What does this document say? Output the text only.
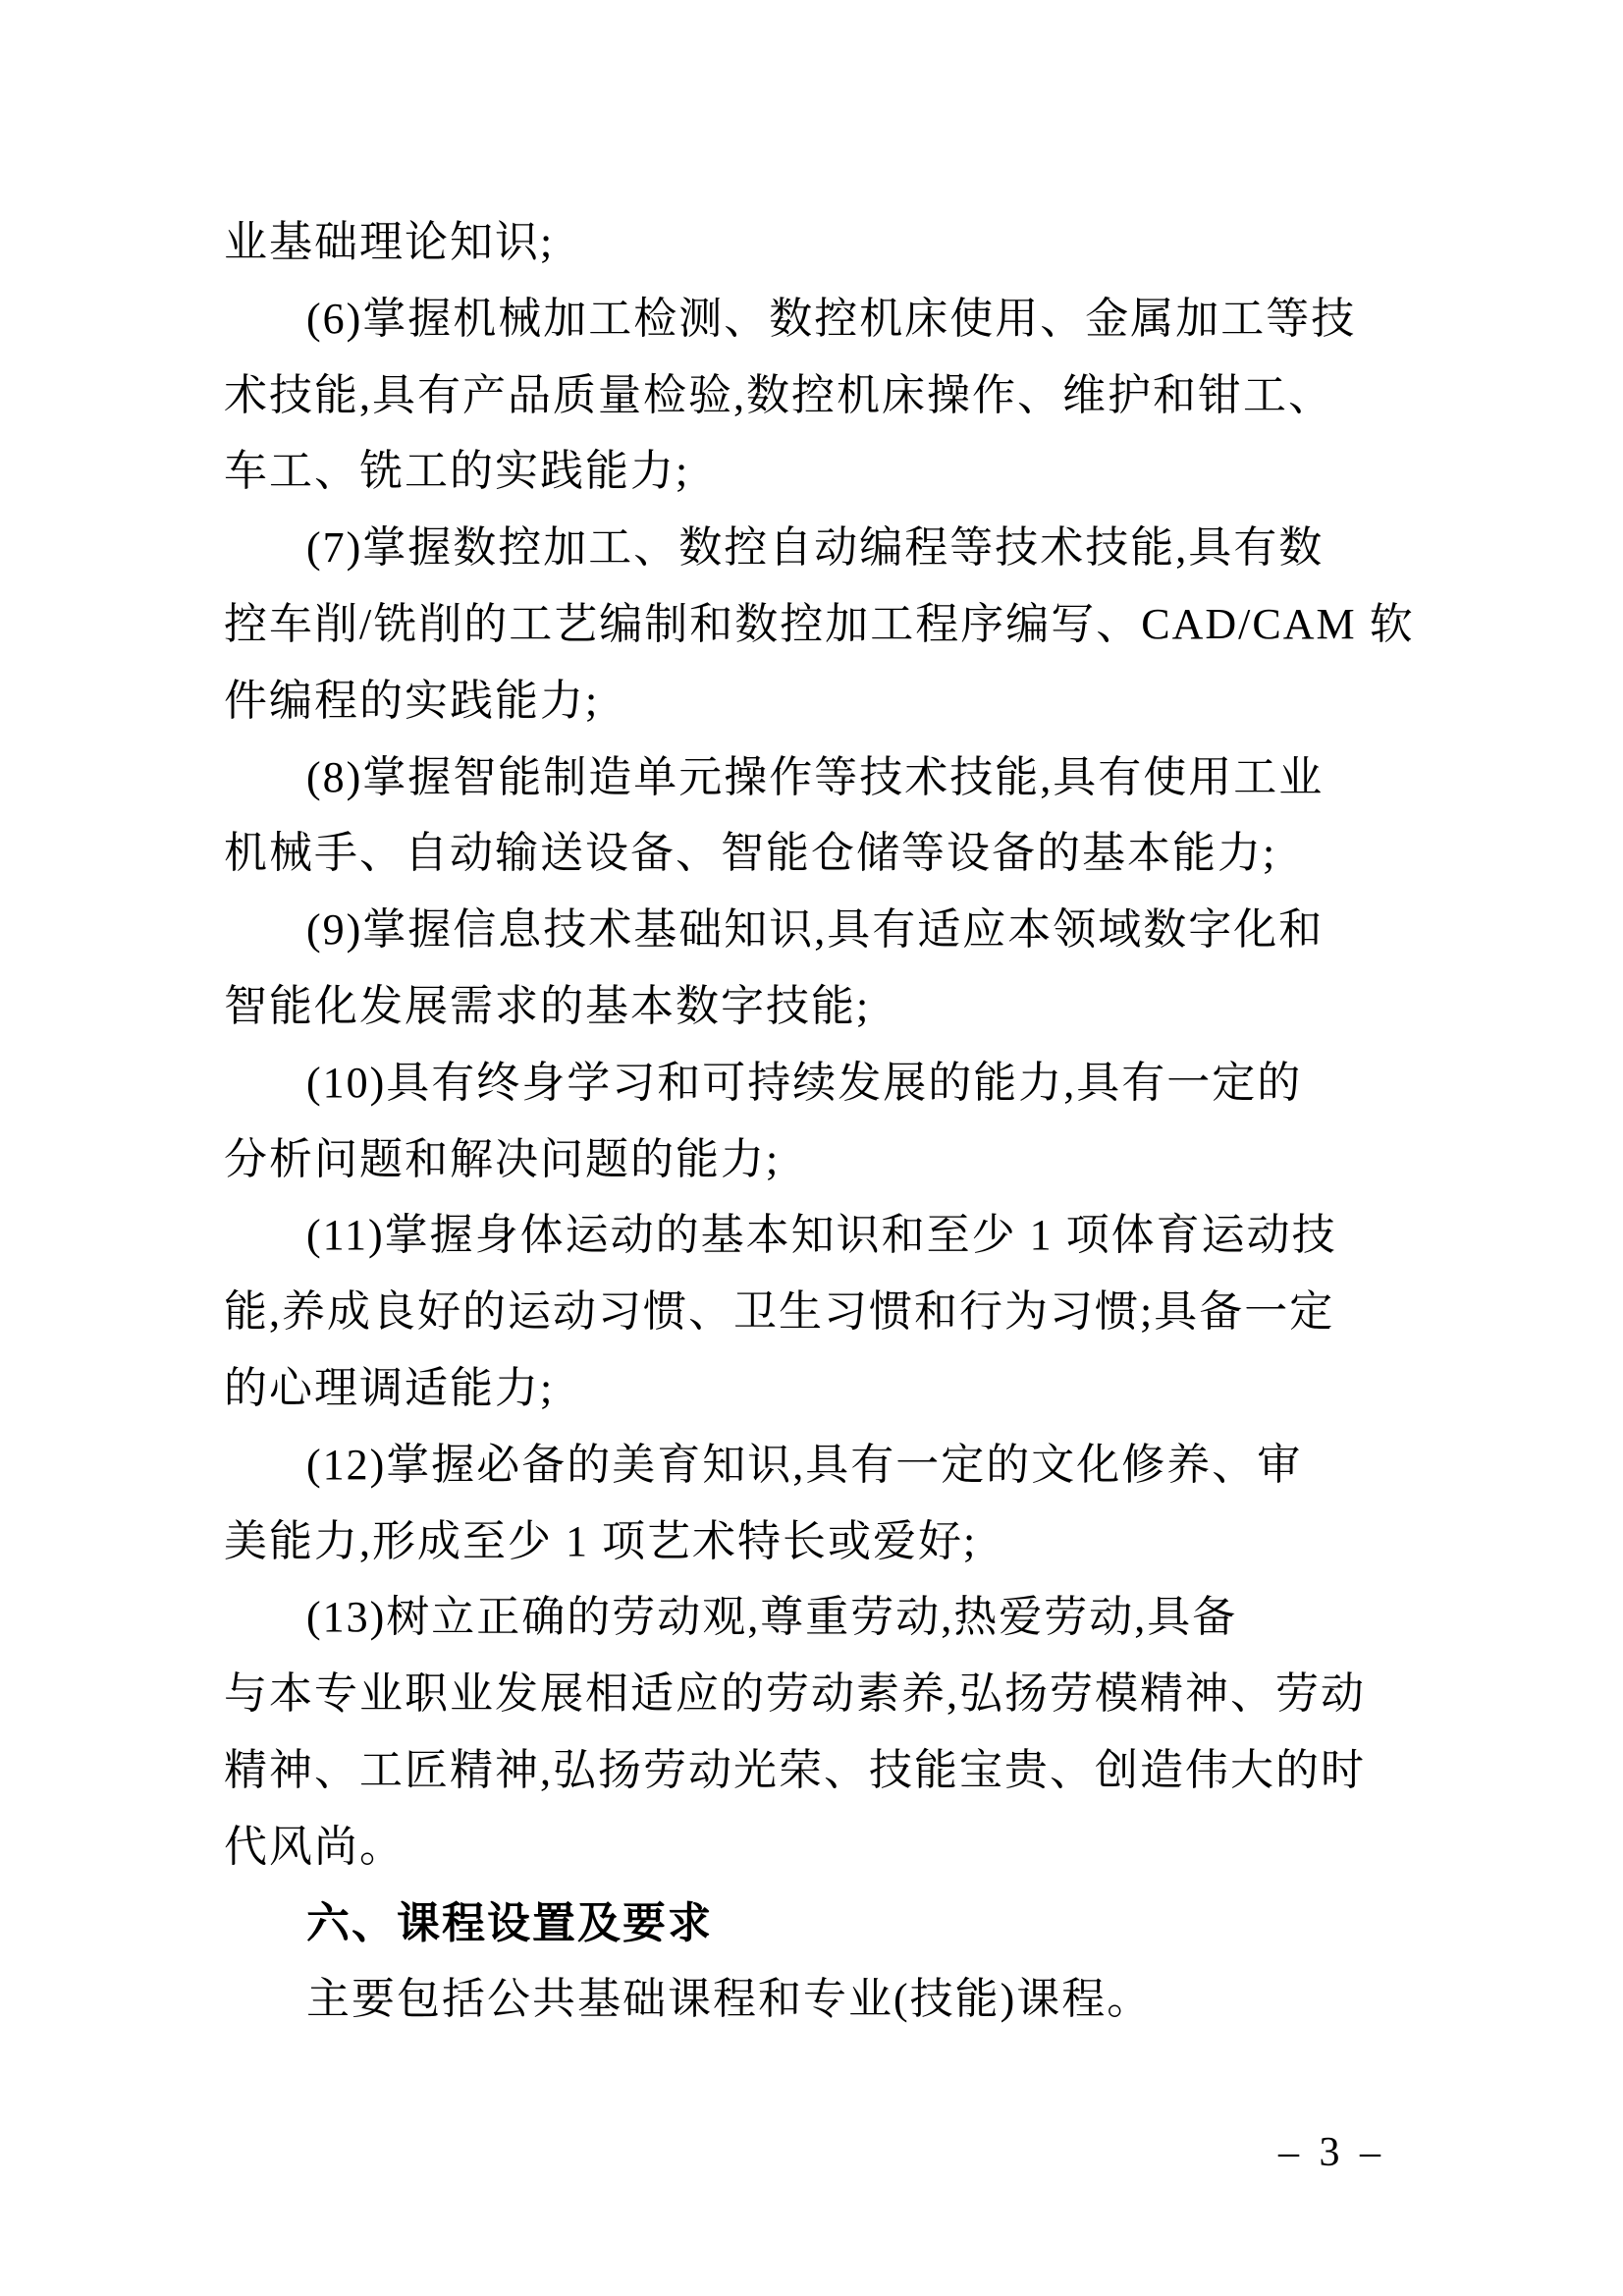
业基础理论知识;
(6)掌握机械加工检测、数控机床使用、金属加工等技
术技能,具有产品质量检验,数控机床操作、维护和钳工、
车工、铣工的实践能力;
(7)掌握数控加工、数控自动编程等技术技能,具有数
控车削/铣削的工艺编制和数控加工程序编写、CAD/CAM 软
件编程的实践能力;
(8)掌握智能制造单元操作等技术技能,具有使用工业
机械手、自动输送设备、智能仓储等设备的基本能力;
(9)掌握信息技术基础知识,具有适应本领域数字化和
智能化发展需求的基本数字技能;
(10)具有终身学习和可持续发展的能力,具有一定的
分析问题和解决问题的能力;
(11)掌握身体运动的基本知识和至少 1 项体育运动技
能,养成良好的运动习惯、卫生习惯和行为习惯;具备一定
的心理调适能力;
(12)掌握必备的美育知识,具有一定的文化修养、审
美能力,形成至少 1 项艺术特长或爱好;
(13)树立正确的劳动观,尊重劳动,热爱劳动,具备
与本专业职业发展相适应的劳动素养,弘扬劳模精神、劳动
精神、工匠精神,弘扬劳动光荣、技能宝贵、创造伟大的时
代风尚。
六、课程设置及要求
主要包括公共基础课程和专业(技能)课程。
– 3 –
